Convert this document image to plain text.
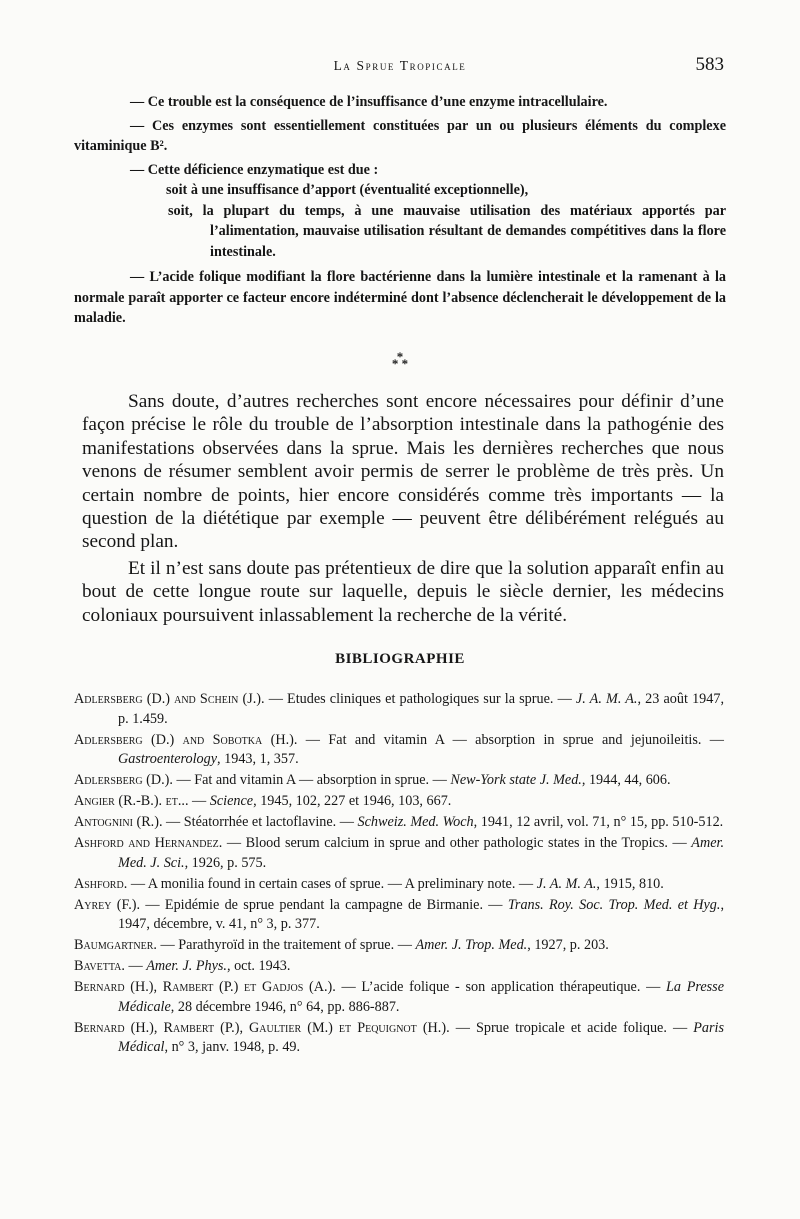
La Sprue Tropicale	583

— Ce trouble est la conséquence de l’insuffisance d’une enzyme intracellulaire.

— Ces enzymes sont essentiellement constituées par un ou plusieurs éléments du complexe vitaminique B².

— Cette déficience enzymatique est due :

soit à une insuffisance d’apport (éventualité exceptionnelle),

soit, la plupart du temps, à une mauvaise utilisation des matériaux apportés par l’alimentation, mauvaise utilisation résultant de demandes compétitives dans la flore intestinale.

— L’acide folique modifiant la flore bactérienne dans la lumière intestinale et la ramenant à la normale paraît apporter ce facteur encore indéterminé dont l’absence déclencherait le développement de la maladie.

*
* *

Sans doute, d’autres recherches sont encore nécessaires pour définir d’une façon précise le rôle du trouble de l’absorption intestinale dans la pathogénie des manifestations observées dans la sprue. Mais les dernières recherches que nous venons de résumer semblent avoir permis de serrer le problème de très près. Un certain nombre de points, hier encore considérés comme très importants — la question de la diététique par exemple — peuvent être délibérément relégués au second plan.

Et il n’est sans doute pas prétentieux de dire que la solution apparaît enfin au bout de cette longue route sur laquelle, depuis le siècle dernier, les médecins coloniaux poursuivent inlassablement la recherche de la vérité.

BIBLIOGRAPHIE
Adlersberg (D.) and Schein (J.). — Etudes cliniques et pathologiques sur la sprue. — J. A. M. A., 23 août 1947, p. 1.459.
Adlersberg (D.) and Sobotka (H.). — Fat and vitamin A — absorption in sprue and jejunoileitis. — Gastroenterology, 1943, 1, 357.
Adlersberg (D.). — Fat and vitamin A — absorption in sprue. — New-York state J. Med., 1944, 44, 606.
Angier (R.-B.). et... — Science, 1945, 102, 227 et 1946, 103, 667.
Antognini (R.). — Stéatorrhée et lactoflavine. — Schweiz. Med. Woch, 1941, 12 avril, vol. 71, n° 15, pp. 510-512.
Ashford and Hernandez. — Blood serum calcium in sprue and other pathologic states in the Tropics. — Amer. Med. J. Sci., 1926, p. 575.
Ashford. — A monilia found in certain cases of sprue. — A preliminary note. — J. A. M. A., 1915, 810.
Ayrey (F.). — Epidémie de sprue pendant la campagne de Birmanie. — Trans. Roy. Soc. Trop. Med. et Hyg., 1947, décembre, v. 41, n° 3, p. 377.
Baumgartner. — Parathyroïd in the traitement of sprue. — Amer. J. Trop. Med., 1927, p. 203.
Bavetta. — Amer. J. Phys., oct. 1943.
Bernard (H.), Rambert (P.) et Gadjos (A.). — L’acide folique - son application thérapeutique. — La Presse Médicale, 28 décembre 1946, n° 64, pp. 886-887.
Bernard (H.), Rambert (P.), Gaultier (M.) et Pequignot (H.). — Sprue tropicale et acide folique. — Paris Médical, n° 3, janv. 1948, p. 49.
